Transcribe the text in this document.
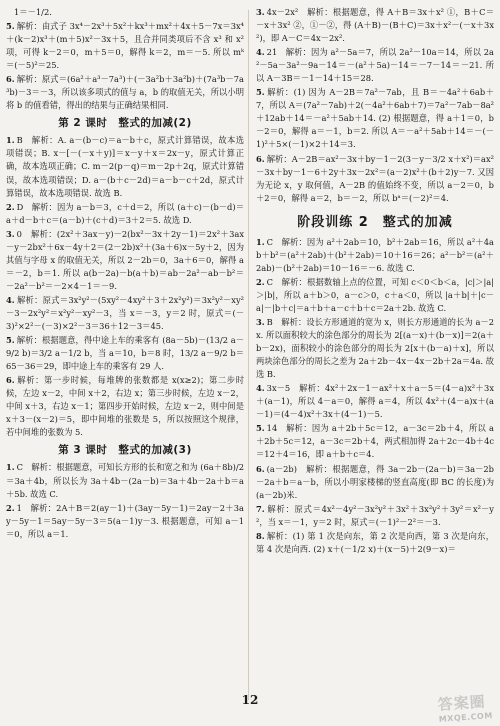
1＝－1/2.
5. 解析：由式子 3x⁴－2x³＋5x²＋kx³＋mx²＋4x＋5－7x＝3x⁴＋(k－2)x³＋(m＋5)x²－3x＋5，且合并同类项后不含 x³ 和 x² 项，可得 k－2＝0，m＋5＝0，解得 k＝2，m＝－5. 所以 mᵏ＝(－5)²＝25.
6. 解析：原式＝(6a²＋a³－7a³)＋(－3a²b＋3a²b)＋(7a³b－7a³b)－3＝－3，所以该多项式的值与 a，b 的取值无关，所以小明将 b 的值看错，得出的结果与正确结果相同.
第 2 课时　整式的加减(2)
1. B　解析：A. a－(b－c)＝a－b＋c，原式计算错误，故本选项错误；B. x－[－(－x＋y)]＝x－y＋x＝2x－y，原式计算正确，故本选项正确；C. m－2(p－q)＝m－2p＋2q，原式计算错误，故本选项错误；D. a－(b＋c－2d)＝a－b－c＋2d，原式计算错误，故本选项错误. 故选 B.
2. D　解析：因为 a－b＝3，c＋d＝2，所以 (a＋c)－(b－d)＝a＋d－b＋c＝(a－b)＋(c＋d)＝3＋2＝5. 故选 D.
3. 0　解析：(2x²＋3ax－y)－2(bx²－3x＋2y－1)＝2x²＋3ax－y－2bx²＋6x－4y＋2＝(2－2b)x²＋(3a＋6)x－5y＋2，因为其值与字母 x 的取值无关，所以 2－2b＝0，3a＋6＝0，解得 a＝－2，b＝1. 所以 a(b－2a)－b(a＋b)＝ab－2a²－ab－b²＝－2a²－b²＝－2×4－1＝－9.
4. 解析：原式＝3x²y²－(5xy²－4xy²＋3＋2x²y²)＝3x²y²－xy²－3－2x²y²＝x²y²－xy²－3，当 x＝－3，y＝2 时，原式＝(－3)²×2²－(－3)×2²－3＝36＋12－3＝45.
5. 解析：根据题意，得中途上车的乘客有 (8a－5b)－(13/2 a－9/2 b)＝3/2 a－1/2 b，当 a＝10，b＝8 时，13/2 a－9/2 b＝65－36＝29，即中途上车的乘客有 29 人.
6. 解析：第一步时候，每堆牌的张数都是 x(x≥2)；第二步时候，左边 x－2，中间 x＋2，右边 x；第三步时候，左边 x－2，中间 x＋3，右边 x－1；第四步开始时候，左边 x－2，则中间是 x＋3－(x－2)＝5，即中间堆的张数是 5，所以按照这个规律，若中间堆的张数为 5.
第 3 课时　整式的加减(3)
1. C　解析：根据题意，可知长方形的长和宽之和为 (6a＋8b)/2＝3a＋4b，所以长为 3a＋4b－(2a－b)＝3a＋4b－2a＋b＝a＋5b. 故选 C.
2. 1　解析：2A＋B＝2(ay－1)＋(3ay－5y－1)＝2ay－2＋3ay－5y－1＝5ay－5y－3＝5(a－1)y－3. 根据题意，可知 a－1＝0，所以 a＝1.
3. 4x－2x²　解析：根据题意，得 A＋B＝3x＋x² ①，B＋C＝－x＋3x² ②，①－②，得 (A＋B)－(B＋C)＝3x＋x²－(－x＋3x²)，即 A－C＝4x－2x².
4. 21　解析：因为 a²－5a＝7，所以 2a²－10a＝14，所以 2a²－5a－3a²－9a－14＝－(a²＋5a)－14＝－7－14＝－21. 所以 A－3B＝－1－14＋15＝28.
5. 解析：(1) 因为 A－2B＝7a²－7ab，且 B＝－4a²＋6ab＋7，所以 A＝(7a²－7ab)＋2(－4a²＋6ab＋7)＝7a²－7ab－8a²＋12ab＋14＝－a²＋5ab＋14. (2) 根据题意，得 a＋1＝0，b－2＝0，解得 a＝－1，b＝2. 所以 A＝－a²＋5ab＋14＝－(－1)²＋5×(－1)×2＋14＝3.
6. 解析：A－2B＝ax²－3x＋by－1－2(3－y－3/2 x＋x²)＝ax²－3x＋by－1－6＋2y＋3x－2x²＝(a－2)x²＋(b＋2)y－7. 又因为无论 x，y 取何值，A－2B 的值始终不变，所以 a－2＝0，b＋2＝0，解得 a＝2，b＝－2，所以 bᵃ＝(－2)²＝4.
阶段训练 2　整式的加减
1. C　解析：因为 a²＋2ab＝10，b²＋2ab＝16，所以 a²＋4ab＋b²＝(a²＋2ab)＋(b²＋2ab)＝10＋16＝26；a²－b²＝(a²＋2ab)－(b²＋2ab)＝10－16＝－6. 故选 C.
2. C　解析：根据数轴上点的位置，可知 c＜0＜b＜a，|c|＞|a|＞|b|，所以 a＋b＞0，a－c＞0，c＋a＜0，所以 |a＋b|＋|c－a|－|b＋c|＝a＋b＋a－c＋b＋c＝2a＋2b. 故选 C.
3. B　解析：设长方形通道的宽为 x，则长方形通道的长为 a－2x. 所以面积较大的涂色部分的周长为 2[(a－x)＋(b－x)]＝2(a＋b－2x)，面积较小的涂色部分的周长为 2[x＋(b－a)＋x]，所以两块涂色部分的周长之差为 2a＋2b－4x－4x－2b＋2a＝4a. 故选 B.
4. 3x－5　解析：4x²＋2x－1－ax²＋x＋a－5＝(4－a)x²＋3x＋(a－1)，所以 4－a＝0，解得 a＝4，所以 4x²＋(4－a)x＋(a－1)＝(4－4)x²＋3x＋(4－1)－5.
5. 14　解析：因为 a＋2b＋5c＝12，a－3c＝2b＋4，所以 a＋2b＋5c＝12，a－3c＝2b＋4，两式相加得 2a＋2c－4b＋4c＝12＋4＝16，即 a＋b＋c＝4.
6. (a－2b)　解析：根据题意，得 3a－2b－(2a－b)＝3a－2b－2a＋b＝a－b，所以小明家楼梯的竖直高度(即 BC 的长度)为 (a－2b)米.
7. 解析：原式＝4x²－4y²－3x²y²＋3x²＋3x²y²＋3y²＝x²－y²，当 x＝－1，y＝2 时，原式＝(－1)²－2²＝－3.
8. 解析：(1) 第 1 次是向东，第 2 次是向西，第 3 次是向东，第 4 次是向西. (2) x＋(－1/2 x)＋(x－5)＋2(9－x)＝
12	答案圈
MXQE.COM
